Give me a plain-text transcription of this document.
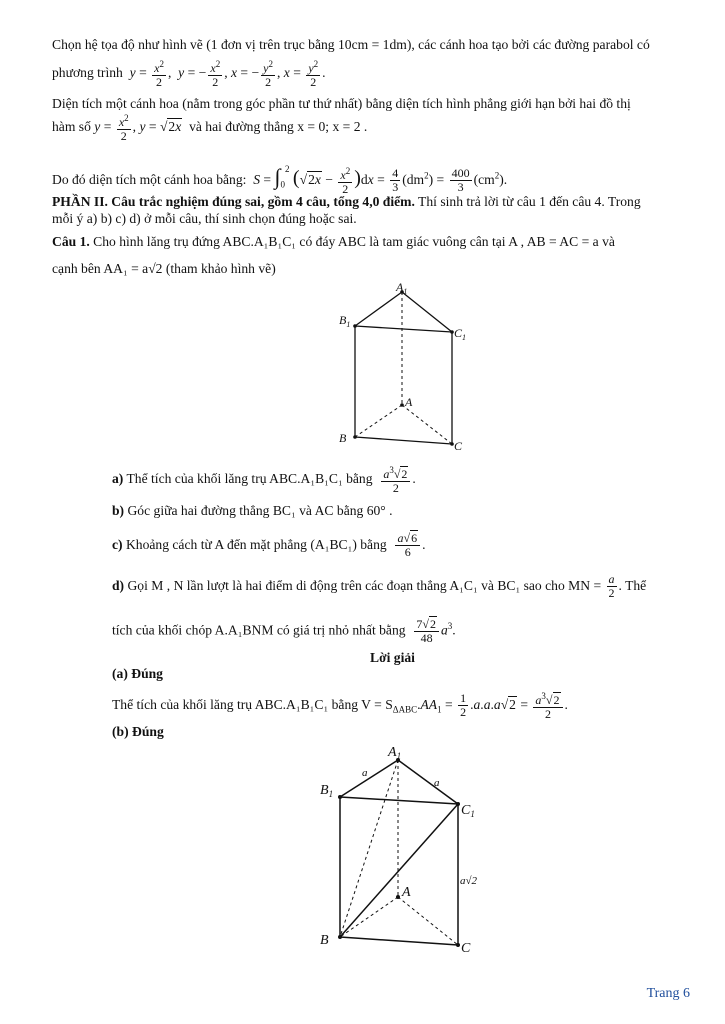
Chọn hệ tọa độ như hình vẽ (1 đơn vị trên trục bằng 10cm = 1dm), các cánh hoa tạo bởi các đường parabol có
phương trình $y = \frac{x^2}{2}$ ,  y = − $\frac{x^2}{2}$ , x = − $\frac{y^2}{2}$ , $x = \frac{y^2}{2}$ .
Diện tích một cánh hoa (nằm trong góc phần tư thứ nhất) bằng diện tích hình phẳng giới hạn bởi hai đồ thị
hàm số $y = \frac{x^2}{2}$ , y = √2x và hai đường thẳng x = 0; x = 2 .
Do đó diện tích một cánh hoa bằng: $S = \int_0^2$ $(√2x - \frac{x^2}{2} )dx = \frac{4}{3} (dm^2) = \frac{400}{3} (cm^2)$.
PHẦN II. Câu trắc nghiệm đúng sai, gồm 4 câu, tổng 4,0 điểm. Thí sinh trả lời từ câu 1 đến câu 4. Trong
mỗi ý a) b) c) d) ở mỗi câu, thí sinh chọn đúng hoặc sai.
Câu 1. Cho hình lăng trụ đứng ABC.A₁B₁C₁ có đáy ABC là tam giác vuông cân tại A , AB = AC = a và
cạnh bên AA₁ = a√2 (tham khảo hình vẽ)
$A_1$
$B_1$
$C_1$
A
B
C
a) Thể tích của khối lăng trụ ABC.A₁B₁C₁ bằng $\frac{a^3√2}{2}$ .
b) Góc giữa hai đường thẳng BC₁ và AC bằng 60° .
c) Khoảng cách từ A đến mặt phẳng (A₁BC₁) bằng $\frac{a√6}{6}$ .
d) Gọi M , N lần lượt là hai điểm di động trên các đoạn thẳng A₁C₁ và BC₁ sao cho MN = $\frac{a}{2}$ . Thể
tích của khối chóp A.A₁BNM có giá trị nhỏ nhất bằng $\frac{7√2}{48} a^3$.
Lời giải
(a) Đúng
Thể tích của khối lăng trụ ABC.A₁B₁C₁ bằng $V = S_{\Delta ABC}.AA_1 = \frac{1}{2} .a.a.a√2 = \frac{a^3√2}{2}$ .
(b) Đúng
$A_1$
$B_1$
$C_1$
A
B
C
a
a
a√2
Trang 6
